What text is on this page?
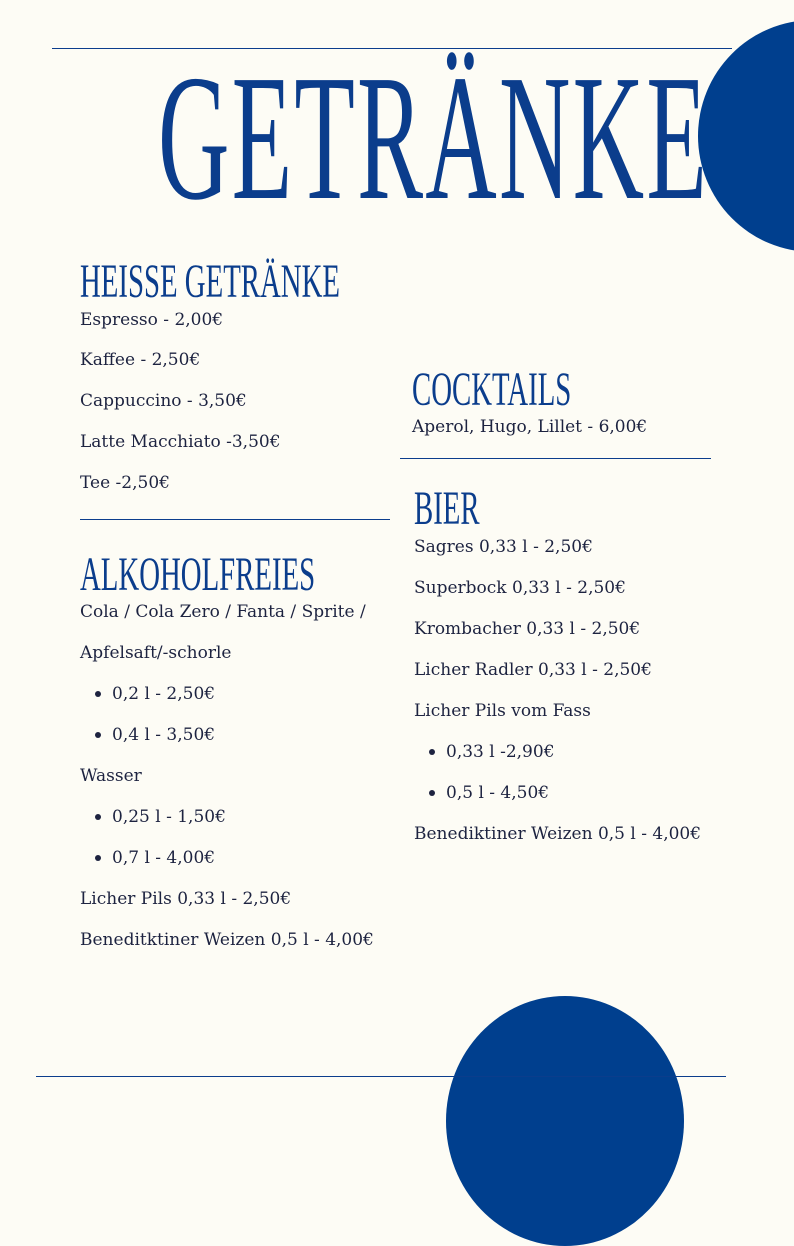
GETRÄNKE
HEISSE GETRÄNKE
Espresso - 2,00€
Kaffee - 2,50€
Cappuccino - 3,50€
Latte Macchiato -3,50€
Tee -2,50€
ALKOHOLFREIES
Cola / Cola Zero / Fanta / Sprite /
Apfelsaft/-schorle
0,2 l - 2,50€
0,4 l - 3,50€
Wasser
0,25 l - 1,50€
0,7 l - 4,00€
Licher Pils 0,33 l - 2,50€
Beneditktiner Weizen 0,5 l - 4,00€
COCKTAILS
Aperol, Hugo, Lillet - 6,00€
BIER
Sagres 0,33 l - 2,50€
Superbock 0,33 l - 2,50€
Krombacher 0,33 l - 2,50€
Licher Radler 0,33 l - 2,50€
Licher Pils vom Fass
0,33 l -2,90€
0,5 l - 4,50€
Benediktiner Weizen 0,5 l - 4,00€
